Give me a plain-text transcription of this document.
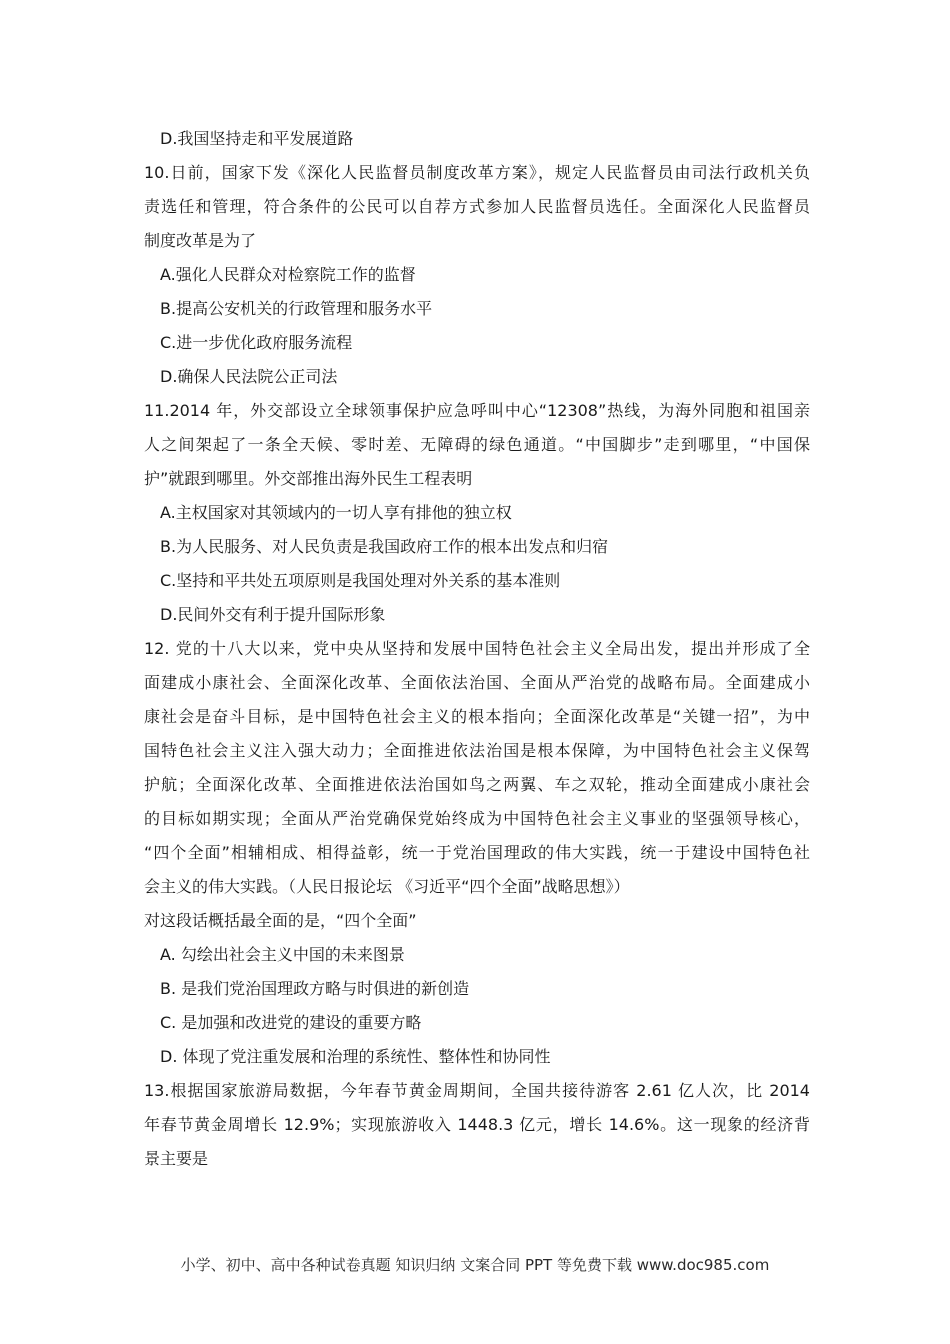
D.我国坚持走和平发展道路
10.日前，国家下发《深化人民监督员制度改革方案》，规定人民监督员由司法行政机关负
责选任和管理，符合条件的公民可以自荐方式参加人民监督员选任。全面深化人民监督员
制度改革是为了
A.强化人民群众对检察院工作的监督
B.提高公安机关的行政管理和服务水平
C.进一步优化政府服务流程
D.确保人民法院公正司法
11.2014 年，外交部设立全球领事保护应急呼叫中心“12308”热线，为海外同胞和祖国亲
人之间架起了一条全天候、零时差、无障碍的绿色通道。“中国脚步”走到哪里，“中国保
护”就跟到哪里。外交部推出海外民生工程表明
A.主权国家对其领域内的一切人享有排他的独立权
B.为人民服务、对人民负责是我国政府工作的根本出发点和归宿
C.坚持和平共处五项原则是我国处理对外关系的基本准则
D.民间外交有利于提升国际形象
12. 党的十八大以来，党中央从坚持和发展中国特色社会主义全局出发，提出并形成了全
面建成小康社会、全面深化改革、全面依法治国、全面从严治党的战略布局。全面建成小
康社会是奋斗目标，是中国特色社会主义的根本指向；全面深化改革是“关键一招”，为中
国特色社会主义注入强大动力；全面推进依法治国是根本保障，为中国特色社会主义保驾
护航；全面深化改革、全面推进依法治国如鸟之两翼、车之双轮，推动全面建成小康社会
的目标如期实现；全面从严治党确保党始终成为中国特色社会主义事业的坚强领导核心，
“四个全面”相辅相成、相得益彰，统一于党治国理政的伟大实践，统一于建设中国特色社
会主义的伟大实践。（人民日报论坛 《习近平“四个全面”战略思想》）
对这段话概括最全面的是，“四个全面”
A. 勾绘出社会主义中国的未来图景
B. 是我们党治国理政方略与时俱进的新创造
C. 是加强和改进党的建设的重要方略
D. 体现了党注重发展和治理的系统性、整体性和协同性
13.根据国家旅游局数据，今年春节黄金周期间，全国共接待游客 2.61 亿人次，比 2014
年春节黄金周增长 12.9%；实现旅游收入 1448.3 亿元，增长 14.6%。这一现象的经济背
景主要是
小学、初中、高中各种试卷真题 知识归纳 文案合同 PPT 等免费下载 www.doc985.com
